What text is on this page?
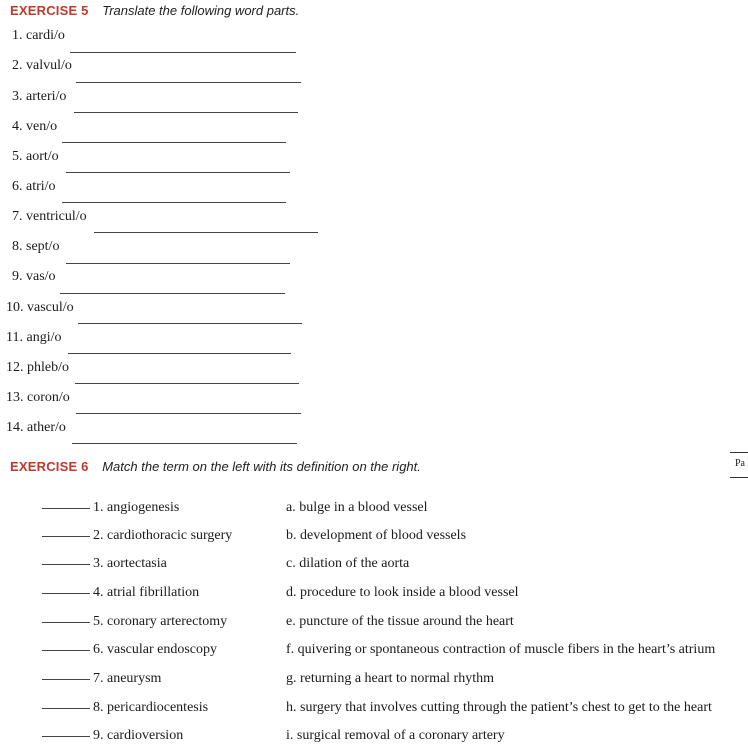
EXERCISE 5 Translate the following word parts.
1. cardi/o
2. valvul/o
3. arteri/o
4. ven/o
5. aort/o
6. atri/o
7. ventricul/o
8. sept/o
9. vas/o
10. vascul/o
11. angi/o
12. phleb/o
13. coron/o
14. ather/o
EXERCISE 6 Match the term on the left with its definition on the right.	Pa
1. angiogenesis	a. bulge in a blood vessel
2. cardiothoracic surgery	b. development of blood vessels
3. aortectasia	c. dilation of the aorta
4. atrial fibrillation	d. procedure to look inside a blood vessel
5. coronary arterectomy	e. puncture of the tissue around the heart
6. vascular endoscopy	f. quivering or spontaneous contraction of muscle fibers in the heart’s atrium
7. aneurysm	g. returning a heart to normal rhythm
8. pericardiocentesis	h. surgery that involves cutting through the patient’s chest to get to the heart
9. cardioversion	i. surgical removal of a coronary artery
